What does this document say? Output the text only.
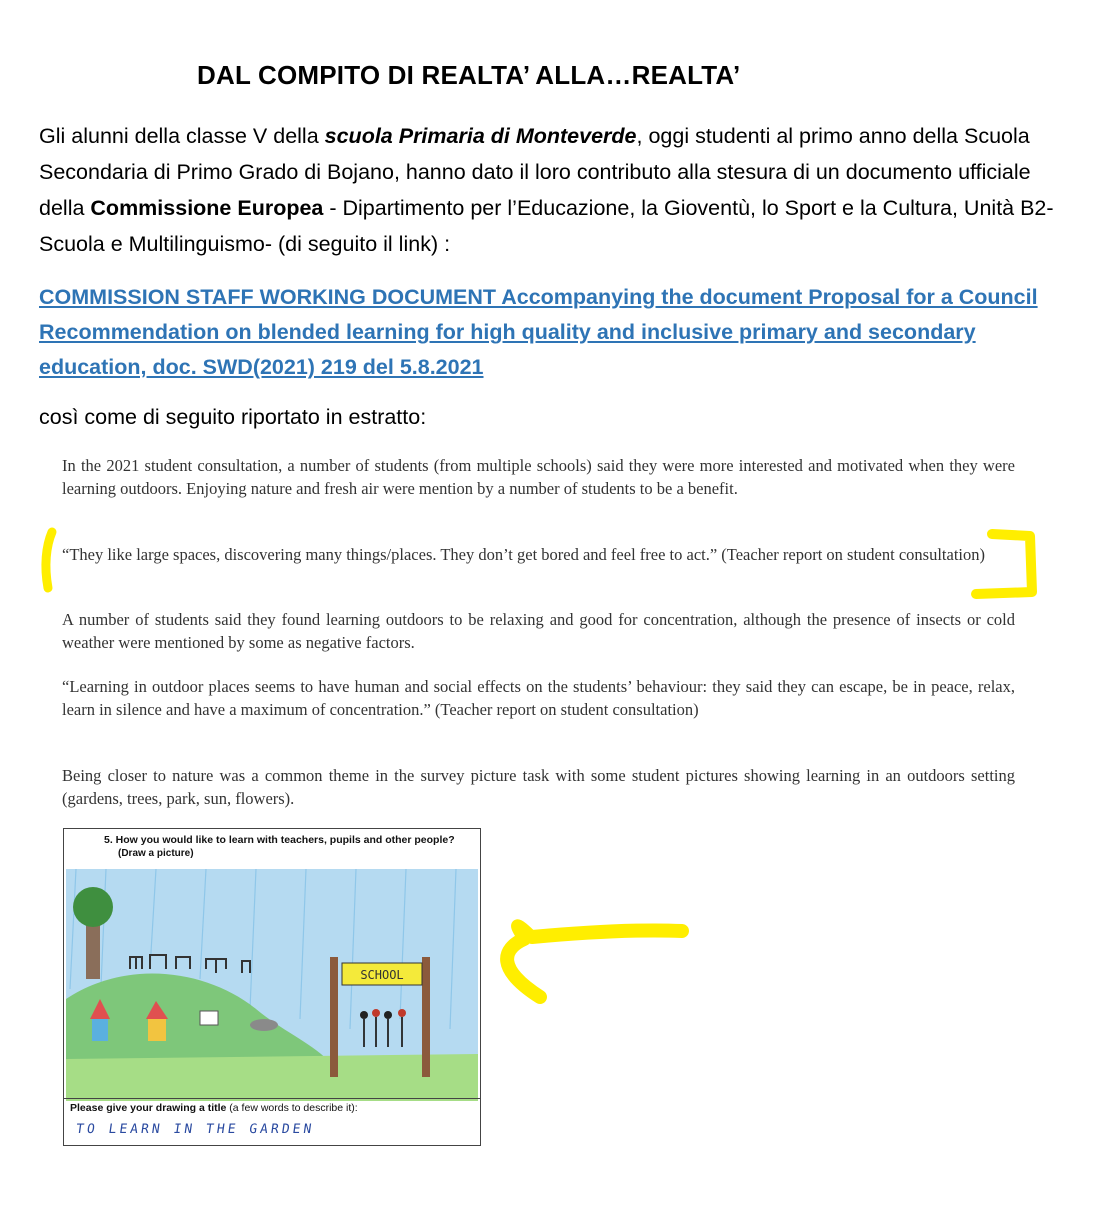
DAL COMPITO DI REALTA’ ALLA…REALTA’
Gli alunni della classe V della scuola Primaria di Monteverde, oggi studenti al primo anno della Scuola Secondaria di Primo Grado di Bojano, hanno dato il loro contributo alla stesura di un documento ufficiale della Commissione Europea - Dipartimento per l’Educazione, la Gioventù, lo Sport e la Cultura, Unità B2- Scuola e Multilinguismo- (di seguito il link) :
COMMISSION STAFF WORKING DOCUMENT Accompanying the document Proposal for a Council Recommendation on blended learning for high quality and inclusive primary and secondary education, doc. SWD(2021) 219 del 5.8.2021
così come di seguito riportato in estratto:
In the 2021 student consultation, a number of students (from multiple schools) said they were more interested and motivated when they were learning outdoors. Enjoying nature and fresh air were mention by a number of students to be a benefit.
“They like large spaces, discovering many things/places. They don’t get bored and feel free to act.” (Teacher report on student consultation)
A number of students said they found learning outdoors to be relaxing and good for concentration, although the presence of insects or cold weather were mentioned by some as negative factors.
“Learning in outdoor places seems to have human and social effects on the students’ behaviour: they said they can escape, be in peace, relax, learn in silence and have a maximum of concentration.” (Teacher report on student consultation)
Being closer to nature was a common theme in the survey picture task with some student pictures showing learning in an outdoors setting (gardens, trees, park, sun, flowers).
5. How you would like to learn with teachers, pupils and other people?
(Draw a picture)
SCHOOL
Please give your drawing a title (a few words to describe it):
TO LEARN IN THE GARDEN
